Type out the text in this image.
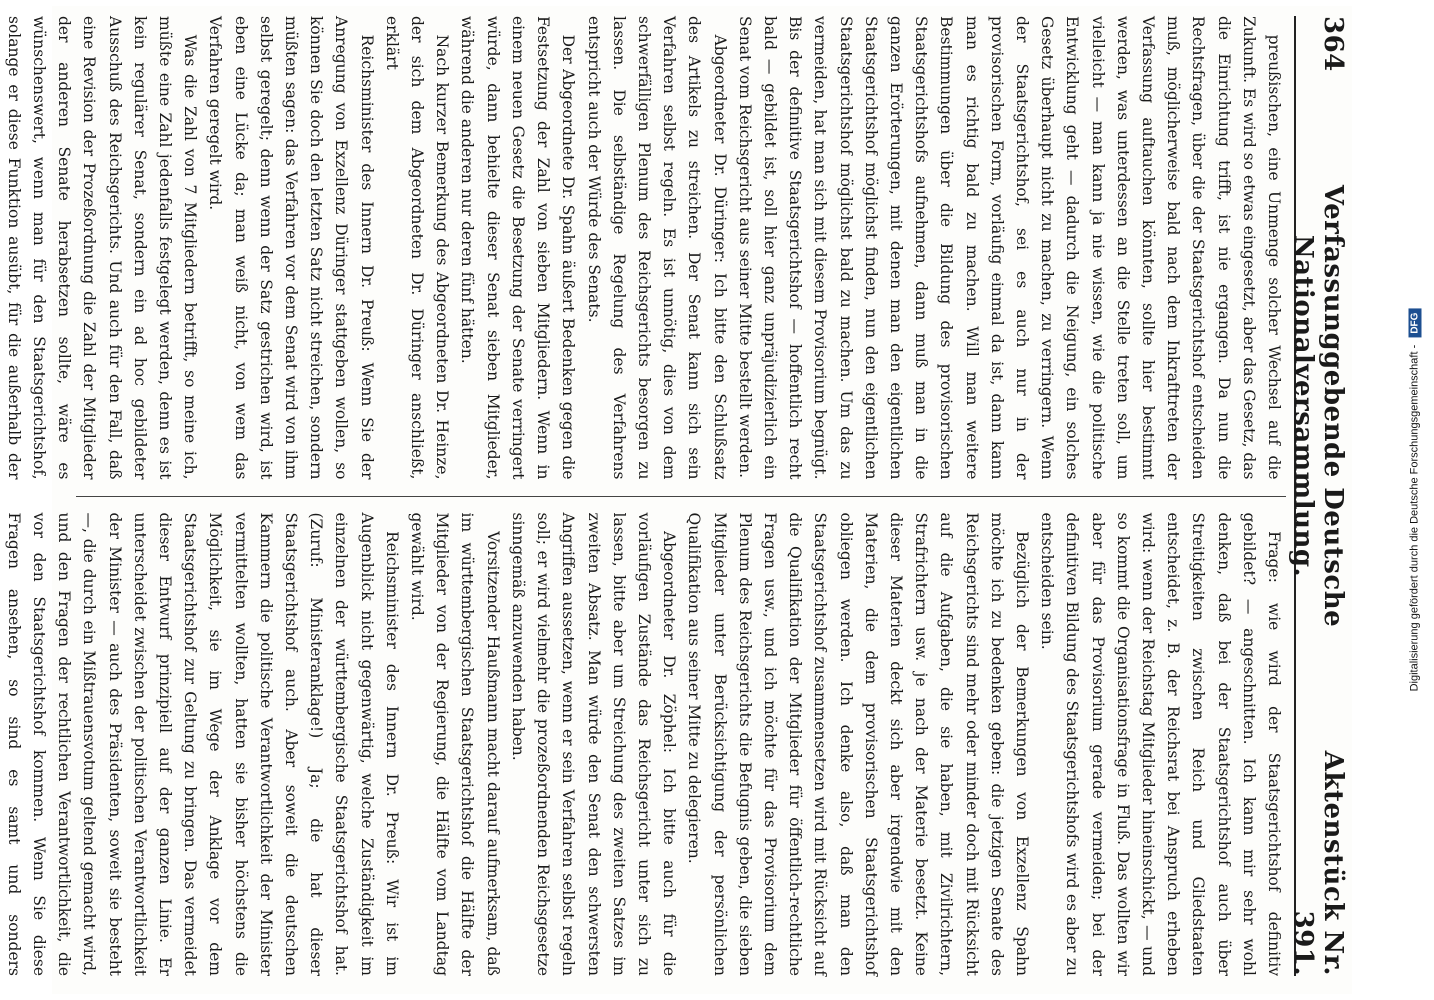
364
Verfassunggebende Deutsche Nationalversammlung.
Aktenstück Nr. 391.

preußischen, eine Unmenge solcher Wechsel auf die Zukunft. Es wird so etwas eingesetzt, aber das Gesetz, das die Einrichtung trifft, ist nie ergangen. Da nun die Rechtsfragen, über die der Staatsgerichtshof entscheiden muß, möglicherweise bald nach dem Inkrafttreten der Verfassung auftauchen könnten, sollte hier bestimmt werden, was unterdessen an die Stelle treten soll, um vielleicht — man kann ja nie wissen, wie die politische Entwicklung geht — dadurch die Neigung, ein solches Gesetz überhaupt nicht zu machen, zu verringern. Wenn der Staatsgerichtshof, sei es auch nur in der provisorischen Form, vorläufig einmal da ist, dann kann man es richtig bald zu machen. Will man weitere Bestimmungen über die Bildung des provisorischen Staatsgerichtshofs aufnehmen, dann muß man in die ganzen Erörterungen, mit denen man den eigentlichen Staatsgerichtshof möglichst finden, nun den eigentlichen Staatsgerichtshof möglichst bald zu machen. Um das zu vermeiden, hat man sich mit diesem Provisorium begnügt. Bis der definitive Staatsgerichtshof — hoffentlich recht bald — gebildet ist, soll hier ganz unpräjudizierlich ein Senat vom Reichsgericht aus seiner Mitte bestellt werden.

Abgeordneter Dr. Düringer: Ich bitte den Schlußsatz des Artikels zu streichen. Der Senat kann sich sein Verfahren selbst regeln. Es ist unnötig, dies von dem schwerfälligen Plenum des Reichsgerichts besorgen zu lassen. Die selbständige Regelung des Verfahrens entspricht auch der Würde des Senats.

Der Abgeordnete Dr. Spahn äußert Bedenken gegen die Festsetzung der Zahl von sieben Mitgliedern. Wenn in einem neuen Gesetz die Besetzung der Senate verringert würde, dann behielte dieser Senat sieben Mitglieder, während die anderen nur deren fünf hätten.

Nach kurzer Bemerkung des Abgeordneten Dr. Heinze, der sich dem Abgeordneten Dr. Düringer anschließt, erklärt

Reichsminister des Innern Dr. Preuß: Wenn Sie der Anregung von Exzellenz Düringer stattgeben wollen, so können Sie doch den letzten Satz nicht streichen, sondern müßten sagen: das Verfahren vor dem Senat wird von ihm selbst geregelt; denn wenn der Satz gestrichen wird, ist eben eine Lücke da; man weiß nicht, von wem das Verfahren geregelt wird.

Was die Zahl von 7 Mitgliedern betrifft, so meine ich, müßte eine Zahl jedenfalls festgelegt werden, denn es ist kein regulärer Senat, sondern ein ad hoc gebildeter Ausschuß des Reichsgerichts. Und auch für den Fall, daß eine Revision der Prozeßordnung die Zahl der Mitglieder der anderen Senate herabsetzen sollte, wäre es wünschenswert, wenn man für den Staatsgerichtshof, solange er diese Funktion ausübt, für die außerhalb der

Frage: wie wird der Staatsgerichtshof definitiv gebildet? — angeschnitten. Ich kann mir sehr wohl denken, daß bei der Staatsgerichtshof auch über Streitigkeiten zwischen Reich und Gliedstaaten entscheidet, z. B. der Reichsrat bei Anspruch erheben wird: wenn der Reichstag Mitglieder hineinschickt, — und so kommt die Organisationsfrage in Fluß. Das wollten wir aber für das Provisorium gerade vermeiden; bei der definitiven Bildung des Staatsgerichtshofs wird es aber zu entscheiden sein.

Bezüglich der Bemerkungen von Exzellenz Spahn möchte ich zu bedenken geben: die jetzigen Senate des Reichsgerichts sind mehr oder minder doch mit Rücksicht auf die Aufgaben, die sie haben, mit Zivilrichtern, Strafrichtern usw. je nach der Materie besetzt. Keine dieser Materien deckt sich aber irgendwie mit den Materien, die dem provisorischen Staatsgerichtshof obliegen werden. Ich denke also, daß man den Staatsgerichtshof zusammensetzen wird mit Rücksicht auf die Qualifikation der Mitglieder für öffentlich-rechtliche Fragen usw., und ich möchte für das Provisorium dem Plenum des Reichsgerichts die Befugnis geben, die sieben Mitglieder unter Berücksichtigung der persönlichen Qualifikation aus seiner Mitte zu delegieren.

Abgeordneter Dr. Zöphel: Ich bitte auch für die vorläufigen Zustände das Reichsgericht unter sich zu lassen, bitte aber um Streichung des zweiten Satzes im zweiten Absatz. Man würde den Senat den schwersten Angriffen aussetzen, wenn er sein Verfahren selbst regeln soll; er wird vielmehr die prozeßordnenden Reichsgesetze sinngemäß anzuwenden haben.

Vorsitzender Haußmann macht darauf aufmerksam, daß im württembergischen Staatsgerichtshof die Hälfte der Mitglieder von der Regierung, die Hälfte vom Landtag gewählt wird.

Reichsminister des Innern Dr. Preuß: Wir ist im Augenblick nicht gegenwärtig, welche Zuständigkeit im einzelnen der württembergische Staatsgerichtshof hat. (Zuruf: Ministeranklage!) Ja; die hat dieser Staatsgerichtshof auch. Aber soweit die deutschen Kammern die politische Verantwortlichkeit der Minister vermittelten wollten, hatten sie bisher höchstens die Möglichkeit, sie im Wege der Anklage vor dem Staatsgerichtshof zur Geltung zu bringen. Das vermeidet dieser Entwurf prinzipiell auf der ganzen Linie. Er unterscheidet zwischen der politischen Verantwortlichkeit der Minister — auch des Präsidenten, soweit sie besteht —, die durch ein Mißtrauensvotum geltend gemacht wird, und den Fragen der rechtlichen Verantwortlichkeit, die vor den Staatsgerichtshof kommen. Wenn Sie diese Fragen ansehen, so sind es samt und sonders

Digitalisierung gefördert durch die Deutsche Forschungsgemeinschaft - DFG
